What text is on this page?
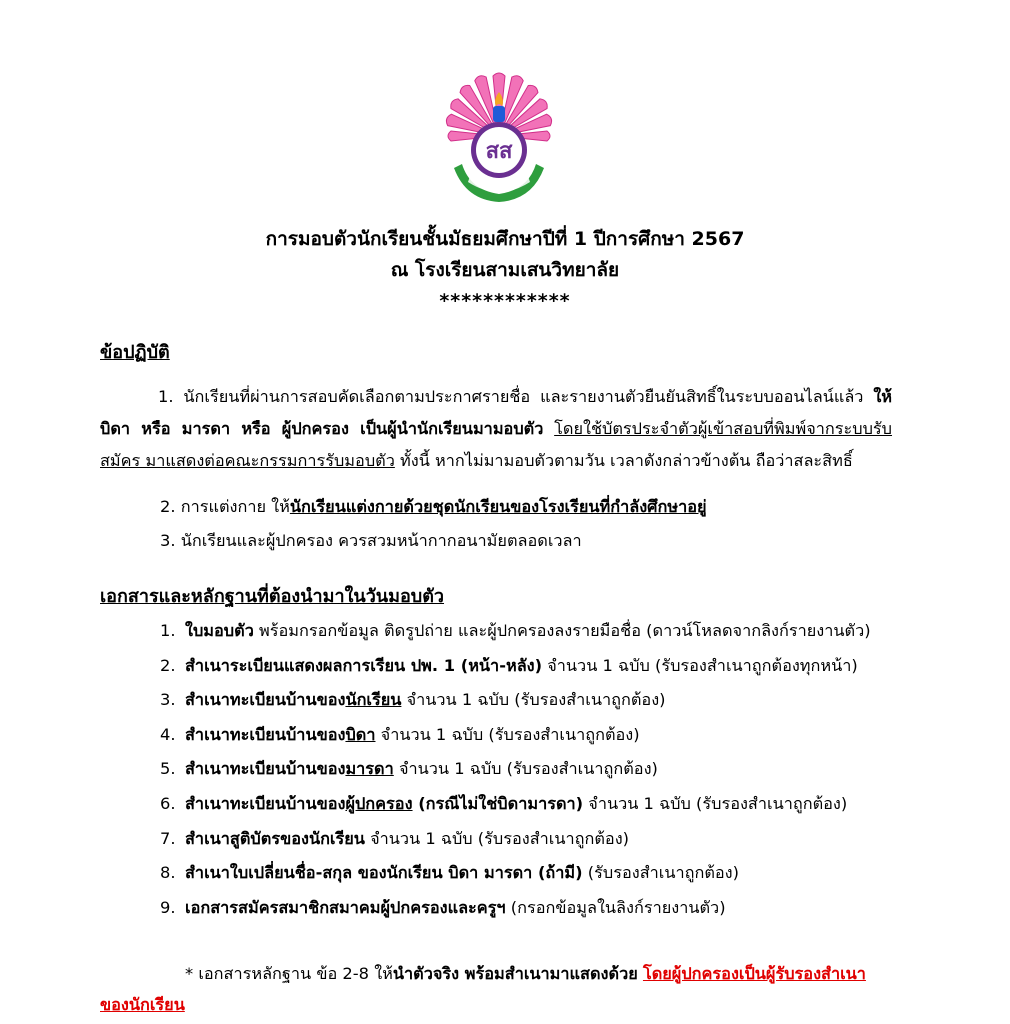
สส
การมอบตัวนักเรียนชั้นมัธยมศึกษาปีที่ 1 ปีการศึกษา 2567
ณ โรงเรียนสามเสนวิทยาลัย
************
ข้อปฏิบัติ
1. นักเรียนที่ผ่านการสอบคัดเลือกตามประกาศรายชื่อ และรายงานตัวยืนยันสิทธิ์ในระบบออนไลน์แล้ว ให้บิดา หรือ มารดา หรือ ผู้ปกครอง เป็นผู้นำนักเรียนมามอบตัว โดยใช้บัตรประจำตัวผู้เข้าสอบที่พิมพ์จากระบบรับสมัคร มาแสดงต่อคณะกรรมการรับมอบตัว ทั้งนี้ หากไม่มามอบตัวตามวัน เวลาดังกล่าวข้างต้น ถือว่าสละสิทธิ์
2. การแต่งกาย ให้นักเรียนแต่งกายด้วยชุดนักเรียนของโรงเรียนที่กำลังศึกษาอยู่
3. นักเรียนและผู้ปกครอง ควรสวมหน้ากากอนามัยตลอดเวลา
เอกสารและหลักฐานที่ต้องนำมาในวันมอบตัว
1. ใบมอบตัว พร้อมกรอกข้อมูล ติดรูปถ่าย และผู้ปกครองลงรายมือชื่อ (ดาวน์โหลดจากลิงก์รายงานตัว)
2. สำเนาระเบียนแสดงผลการเรียน ปพ. 1 (หน้า-หลัง) จำนวน 1 ฉบับ (รับรองสำเนาถูกต้องทุกหน้า)
3. สำเนาทะเบียนบ้านของนักเรียน จำนวน 1 ฉบับ (รับรองสำเนาถูกต้อง)
4. สำเนาทะเบียนบ้านของบิดา จำนวน 1 ฉบับ (รับรองสำเนาถูกต้อง)
5. สำเนาทะเบียนบ้านของมารดา จำนวน 1 ฉบับ (รับรองสำเนาถูกต้อง)
6. สำเนาทะเบียนบ้านของผู้ปกครอง (กรณีไม่ใช่บิดามารดา) จำนวน 1 ฉบับ (รับรองสำเนาถูกต้อง)
7. สำเนาสูติบัตรของนักเรียน จำนวน 1 ฉบับ (รับรองสำเนาถูกต้อง)
8. สำเนาใบเปลี่ยนชื่อ-สกุล ของนักเรียน บิดา มารดา (ถ้ามี) (รับรองสำเนาถูกต้อง)
9. เอกสารสมัครสมาชิกสมาคมผู้ปกครองและครูฯ (กรอกข้อมูลในลิงก์รายงานตัว)
* เอกสารหลักฐาน ข้อ 2-8 ให้นำตัวจริง พร้อมสำเนามาแสดงด้วย โดยผู้ปกครองเป็นผู้รับรองสำเนาของนักเรียน
